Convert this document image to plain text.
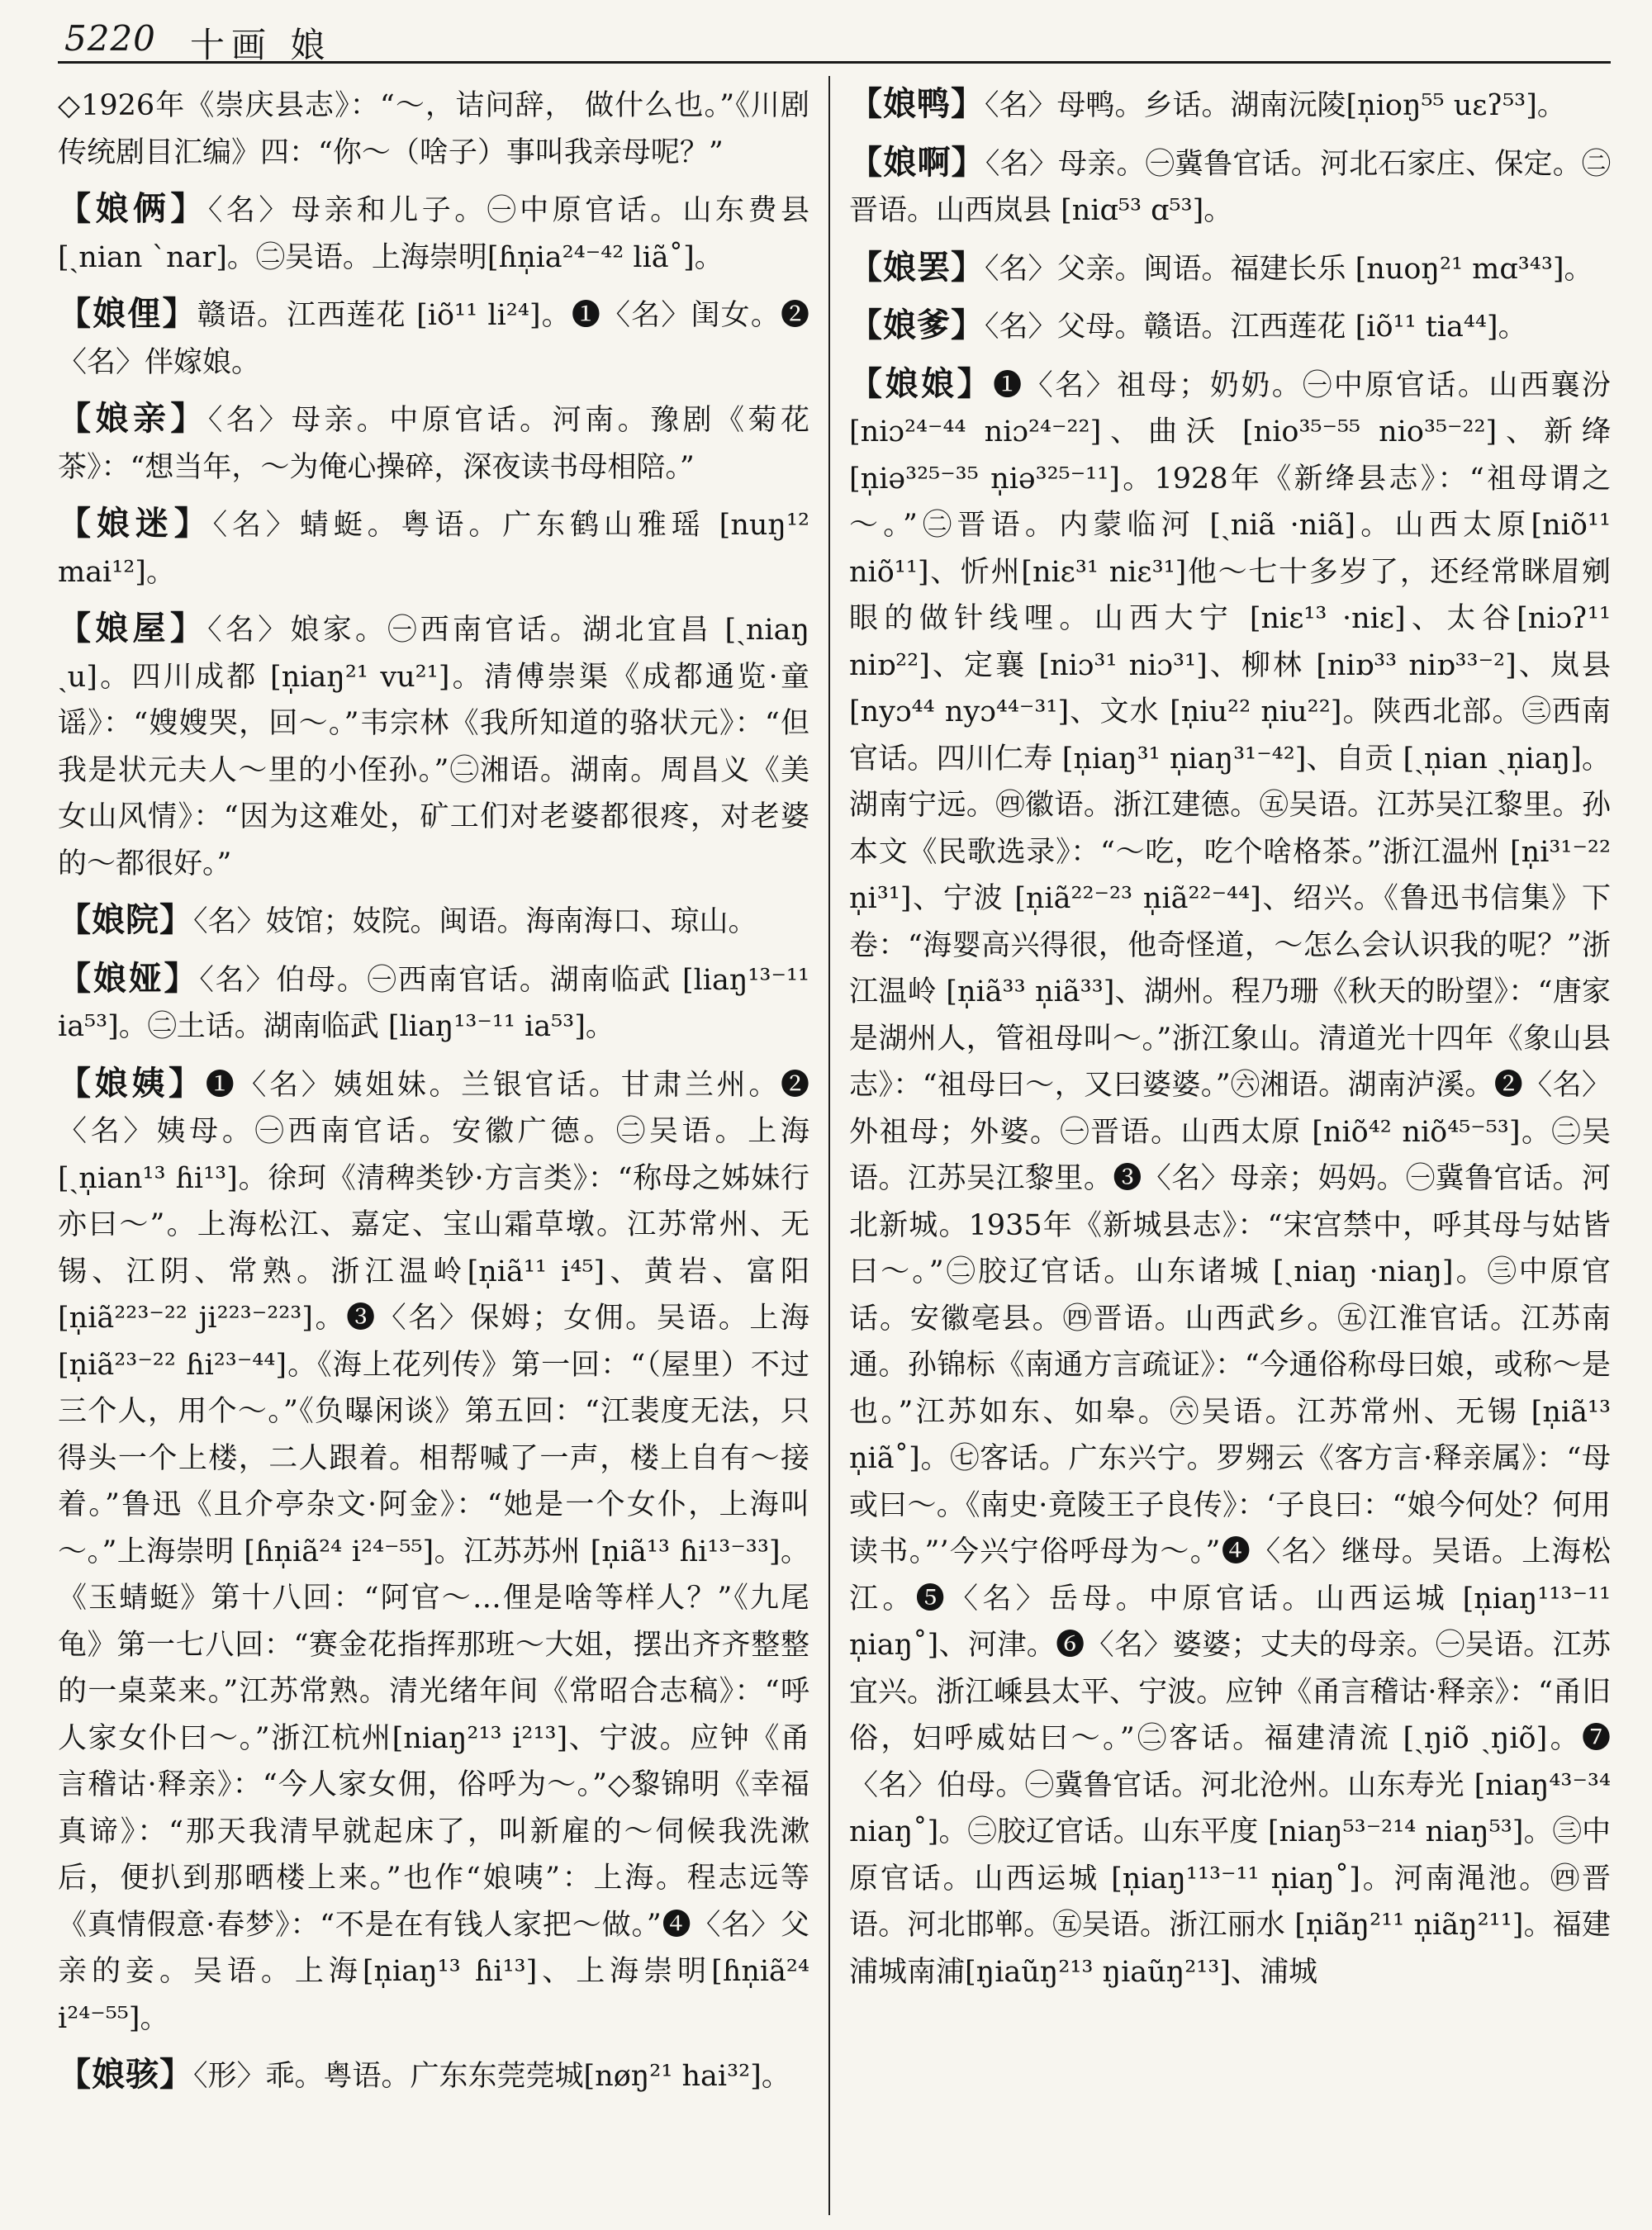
5220 十画 娘

◇1926年《崇庆县志》：“～，诘问辞， 做什么也。”《川剧传统剧目汇编》四：“你～（啥子）事叫我亲母呢？”

【娘俩】〈名〉母亲和儿子。㊀中原官话。山东费县 [ˎnian ˋnar]。㊁吴语。上海崇明[ɦn̩ia²⁴⁻⁴² liã˚]。

【娘俚】赣语。江西莲花 [iõ¹¹ li²⁴]。❶〈名〉闺女。❷〈名〉伴嫁娘。

【娘亲】〈名〉母亲。中原官话。河南。豫剧《菊花茶》：“想当年，～为俺心操碎，深夜读书母相陪。”

【娘迷】〈名〉蜻蜓。粤语。广东鹤山雅瑶 [nuŋ¹² mai¹²]。

【娘屋】〈名〉娘家。㊀西南官话。湖北宜昌 [ˎniaŋ ˎu]。四川成都 [n̩iaŋ²¹ vu²¹]。清傅崇渠《成都通览·童谣》：“嫂嫂哭，回～。”韦宗林《我所知道的骆状元》：“但我是状元夫人～里的小侄孙。”㊁湘语。湖南。周昌义《美女山风情》：“因为这难处，矿工们对老婆都很疼，对老婆的～都很好。”

【娘院】〈名〉妓馆；妓院。闽语。海南海口、琼山。

【娘娅】〈名〉伯母。㊀西南官话。湖南临武 [liaŋ¹³⁻¹¹ ia⁵³]。㊁土话。湖南临武 [liaŋ¹³⁻¹¹ ia⁵³]。

【娘姨】❶〈名〉姨姐妹。兰银官话。甘肃兰州。❷〈名〉姨母。㊀西南官话。安徽广德。㊁吴语。上海 [ˎn̩ian¹³ ɦi¹³]。徐珂《清稗类钞·方言类》：“称母之姊妹行亦曰～”。上海松江、嘉定、宝山霜草墩。江苏常州、无锡、江阴、常熟。浙江温岭[n̩iã¹¹ i⁴⁵]、黄岩、富阳[n̩iã²²³⁻²² ji²²³⁻²²³]。❸〈名〉保姆；女佣。吴语。上海 [n̩iã²³⁻²² ɦi²³⁻⁴⁴]。《海上花列传》第一回：“（屋里）不过三个人，用个～。”《负曝闲谈》第五回：“江裴度无法，只得头一个上楼，二人跟着。相帮喊了一声，楼上自有～接着。”鲁迅《且介亭杂文·阿金》：“她是一个女仆，上海叫～。”上海崇明 [ɦn̩iã²⁴ i²⁴⁻⁵⁵]。江苏苏州 [n̩iã¹³ ɦi¹³⁻³³]。《玉蜻蜓》第十八回：“阿官～…俚是啥等样人？”《九尾龟》第一七八回：“赛金花指挥那班～大姐，摆出齐齐整整的一桌菜来。”江苏常熟。清光绪年间《常昭合志稿》：“呼人家女仆曰～。”浙江杭州[niaŋ²¹³ i²¹³]、宁波。应钟《甬言稽诂·释亲》：“今人家女佣，俗呼为～。”◇黎锦明《幸福真谛》：“那天我清早就起床了，叫新雇的～伺候我洗漱后，便扒到那晒楼上来。”也作“娘咦”：上海。程志远等《真情假意·春梦》：“不是在有钱人家把～做。”❹〈名〉父亲的妾。吴语。上海[n̩iaŋ¹³ ɦi¹³]、上海崇明[ɦn̩iã²⁴ i²⁴⁻⁵⁵]。

【娘骇】〈形〉乖。粤语。广东东莞莞城[nøŋ²¹ hai³²]。

【娘鸭】〈名〉母鸭。乡话。湖南沅陵[n̩ioŋ⁵⁵ uɛʔ⁵³]。

【娘啊】〈名〉母亲。㊀冀鲁官话。河北石家庄、保定。㊁晋语。山西岚县 [niɑ⁵³ ɑ⁵³]。

【娘罢】〈名〉父亲。闽语。福建长乐 [nuoŋ²¹ mɑ³⁴³]。

【娘爹】〈名〉父母。赣语。江西莲花 [iõ¹¹ tia⁴⁴]。

【娘娘】❶〈名〉祖母；奶奶。㊀中原官话。山西襄汾 [niɔ²⁴⁻⁴⁴ niɔ²⁴⁻²²]、曲沃 [nio³⁵⁻⁵⁵ nio³⁵⁻²²]、新绛[n̩iə³²⁵⁻³⁵ n̩iə³²⁵⁻¹¹]。1928年《新绛县志》：“祖母谓之～。”㊁晋语。内蒙临河 [ˎniã ·niã]。山西太原[niõ¹¹ niõ¹¹]、忻州[niɛ³¹ niɛ³¹]他～七十多岁了，还经常眯眉剜眼的做针线哩。山西大宁 [niɛ¹³ ·niɛ]、太谷[niɔʔ¹¹ niɒ²²]、定襄 [niɔ³¹ niɔ³¹]、柳林 [niɒ³³ niɒ³³⁻²]、岚县[nyɔ⁴⁴ nyɔ⁴⁴⁻³¹]、文水 [n̩iu²² n̩iu²²]。陕西北部。㊂西南官话。四川仁寿 [n̩iaŋ³¹ n̩iaŋ³¹⁻⁴²]、自贡 [ˏn̩ian ˏn̩iaŋ]。湖南宁远。㊃徽语。浙江建德。㊄吴语。江苏吴江黎里。孙本文《民歌选录》：“～吃，吃个啥格茶。”浙江温州 [n̩i³¹⁻²² n̩i³¹]、宁波 [n̩iã²²⁻²³ n̩iã²²⁻⁴⁴]、绍兴。《鲁迅书信集》下卷：“海婴高兴得很，他奇怪道，～怎么会认识我的呢？”浙江温岭 [n̩iã³³ n̩iã³³]、湖州。程乃珊《秋天的盼望》：“唐家是湖州人，管祖母叫～。”浙江象山。清道光十四年《象山县志》：“祖母曰～，又曰婆婆。”㊅湘语。湖南泸溪。❷〈名〉外祖母；外婆。㊀晋语。山西太原 [niõ⁴² niõ⁴⁵⁻⁵³]。㊁吴语。江苏吴江黎里。❸〈名〉母亲；妈妈。㊀冀鲁官话。河北新城。1935年《新城县志》：“宋宫禁中，呼其母与姑皆曰～。”㊁胶辽官话。山东诸城 [ˎniaŋ ·niaŋ]。㊂中原官话。安徽亳县。㊃晋语。山西武乡。㊄江淮官话。江苏南通。孙锦标《南通方言疏证》：“今通俗称母曰娘，或称～是也。”江苏如东、如皋。㊅吴语。江苏常州、无锡 [n̩iã¹³ n̩iã˚]。㊆客话。广东兴宁。罗翙云《客方言·释亲属》：“母或曰～。《南史·竟陵王子良传》：‘子良曰：“娘今何处？何用读书。”’今兴宁俗呼母为～。”❹〈名〉继母。吴语。上海松江。❺〈名〉岳母。中原官话。山西运城 [n̩iaŋ¹¹³⁻¹¹ n̩iaŋ˚]、河津。❻〈名〉婆婆；丈夫的母亲。㊀吴语。江苏宜兴。浙江嵊县太平、宁波。应钟《甬言稽诂·释亲》：“甬旧俗，妇呼威姑曰～。”㊁客话。福建清流 [ˎŋiõ ˎŋiõ]。❼〈名〉伯母。㊀冀鲁官话。河北沧州。山东寿光 [niaŋ⁴³⁻³⁴ niaŋ˚]。㊁胶辽官话。山东平度 [niaŋ⁵³⁻²¹⁴ niaŋ⁵³]。㊂中原官话。山西运城 [n̩iaŋ¹¹³⁻¹¹ n̩iaŋ˚]。河南渑池。㊃晋语。河北邯郸。㊄吴语。浙江丽水 [n̩iãŋ²¹¹ n̩iãŋ²¹¹]。福建浦城南浦[ŋiaũŋ²¹³ ŋiaũŋ²¹³]、浦城
